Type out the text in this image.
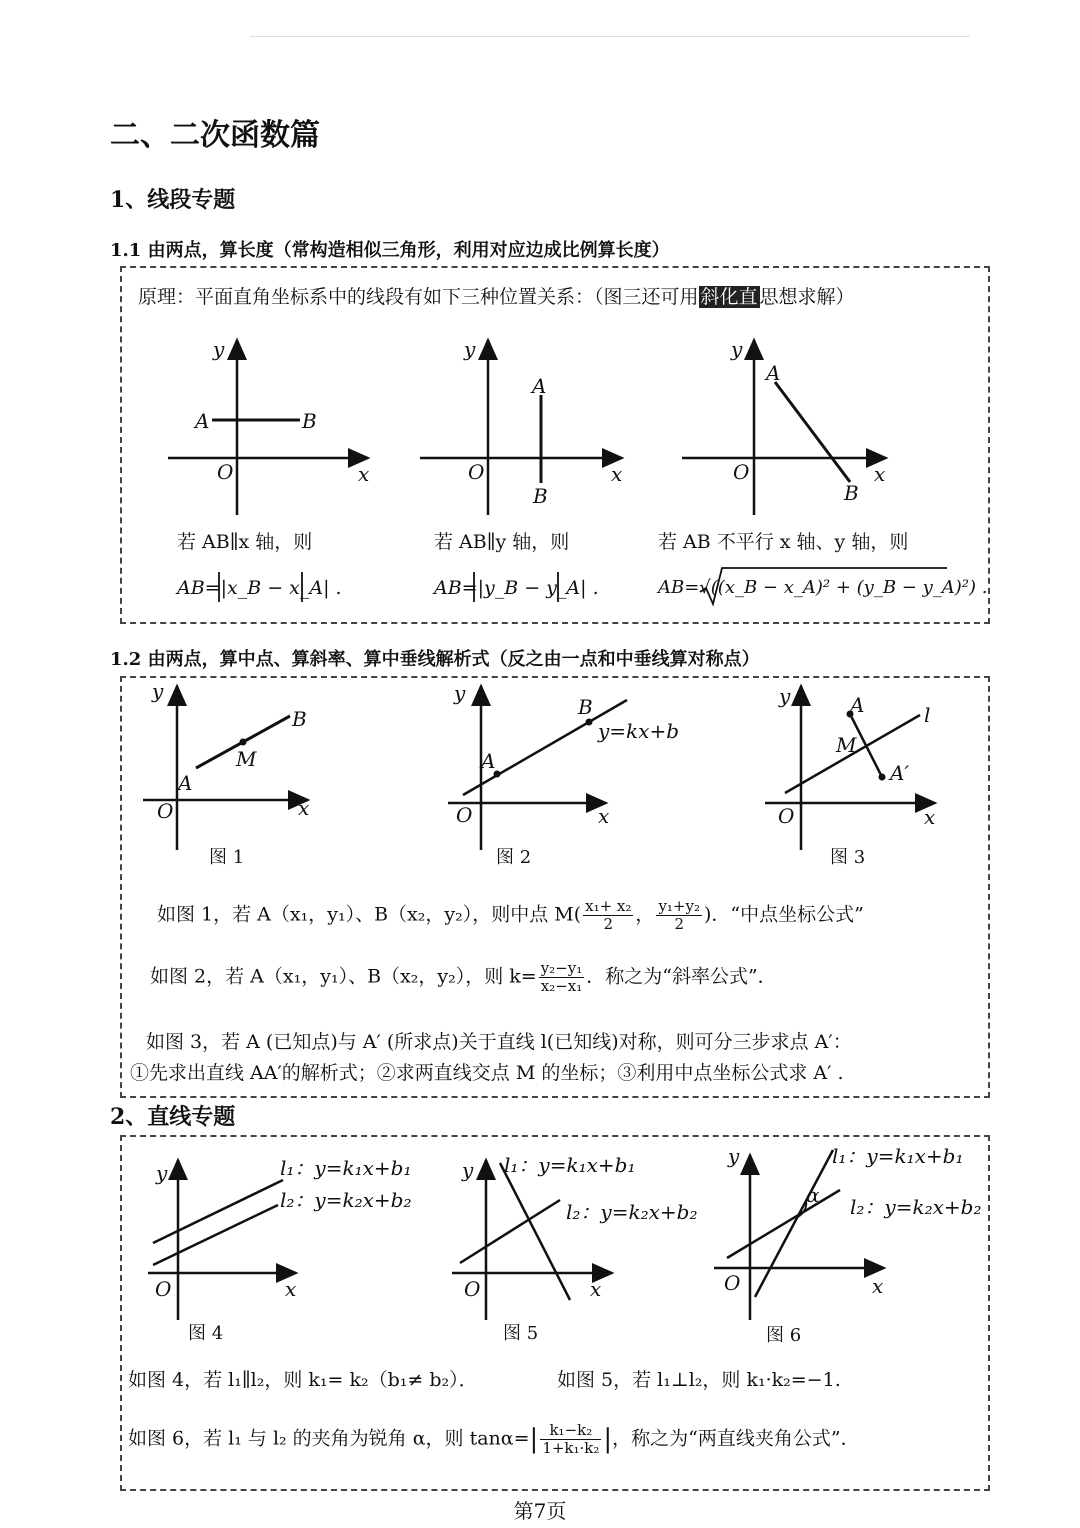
二、二次函数篇
1、线段专题
1.1 由两点，算长度（常构造相似三角形，利用对应边成比例算长度）
原理：平面直角坐标系中的线段有如下三种位置关系：（图三还可用 斜化直 思想求解）
y
x
O
A	B
y
x
O
A
B
y
x
O
A
B
y
x
O
A
B
M
图 1
y
x
O
A
B
y=kx+b
图 2
y
x
O
A
A′
M
l
图 3
y
x
O
l₁：y=k₁x+b₁
l₂：y=k₂x+b₂
图 4
y
x
O
l₁：y=k₁x+b₁
l₂：y=k₂x+b₂
图 5
y
x
O
l₁：y=k₁x+b₁
l₂：y=k₂x+b₂
α
图 6
若 AB∥x 轴，则
AB=|x_B − x_A| .
若 AB∥y 轴，则
AB=|y_B − y_A| .
若 AB 不平行 x 轴、y 轴，则
AB=√((x_B − x_A)² + (y_B − y_A)²) .
1.2 由两点，算中点、算斜率、算中垂线解析式（反之由一点和中垂线算对称点）
如图 1，若 A（x₁，y₁）、B（x₂，y₂），则中点 $M( \frac{\text{x₁+ x₂}}{2}$ ， $\frac{\text{y₁+y₂}}{2}$ )．“中点坐标公式”
如图 2，若 A（x₁，y₁）、B（x₂，y₂），则 $k= \frac{\text{y₂−y₁}}{\text{x₂−x₁}}$ ．称之为“斜率公式”．
如图 3，若 A (已知点)与 A′ (所求点)关于直线 l(已知线)对称，则可分三步求点 A′：
①先求出直线 AA′的解析式；②求两直线交点 M 的坐标；③利用中点坐标公式求 A′ .
2、直线专题
如图 4，若 l₁∥l₂，则 k₁= k₂（b₁≠ b₂）．	如图 5，若 l₁⊥l₂，则 k₁·k₂=−1.
如图 6，若 l₁ 与 l₂ 的夹角为锐角 α，则 $\tan\alpha=| \frac{\text{k₁−k₂}}{\text{1+k₁·k₂}}$ |，称之为“两直线夹角公式”．
第7页
